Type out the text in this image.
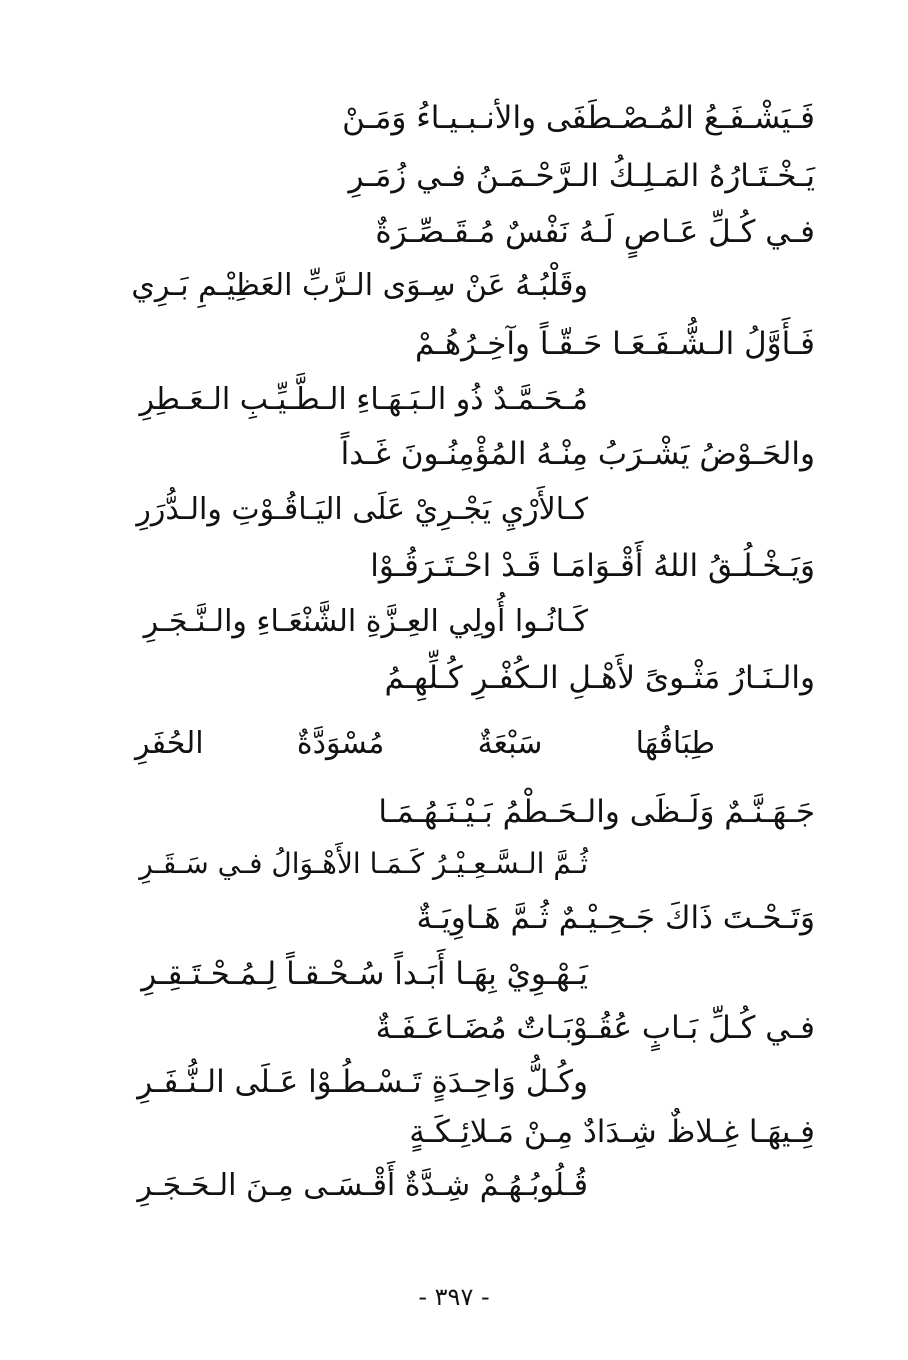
فَـيَشْـفَـعُ المُـصْـطَفَى والأنـبـيـاءُ وَمَـنْ
يَـخْـتَـارُهُ المَـلِـكُ الـرَّحْـمَـنُ فـي زُمَـرِ
فـي كُـلِّ عَـاصٍ لَـهُ نَفْسٌ مُـقَـصِّـرَةٌ
وقَلْبُـهُ عَنْ سِـوَى الـرَّبِّ العَظِيْـمِ بَـرِي
فَـأَوَّلُ الـشُّـفَـعَـا حَـقّـاً وآخِـرُهُـمْ
مُـحَـمَّـدٌ ذُو الـبَـهَـاءِ الـطَّـيِّـبِ الـعَـطِرِ
والحَـوْضُ يَشْـرَبُ مِنْـهُ المُؤْمِنُـونَ غَـداً
كـالأَرْيِ يَجْـرِيْ عَلَى اليَـاقُـوْتِ والـدُّرَرِ
وَيَـخْـلُـقُ اللهُ أَقْـوَامَـا قَـدْ احْـتَـرَقُـوْا
كَـانُـوا أُولِي العِـزَّةِ الشَّنْعَـاءِ والـنَّـجَـرِ
والـنَـارُ مَثْـوىً لأَهْـلِ الـكُفْـرِ كُـلِّهِـمُ
طِبَاقُهَا
سَبْعَةٌ
مُسْوَدَّةٌ
الحُفَرِ
جَـهَـنَّـمٌ وَلَـظَى والـحَـطْمُ بَـيْـنَـهُـمَـا
ثُـمَّ الـسَّـعِـيْـرُ كَـمَـا الأَهْـوَالُ فـي سَـقَـرِ
وَتَـحْـتَ ذَاكَ جَـحِـيْـمٌ ثُـمَّ هَـاوِيَـةٌ
يَـهْـوِيْ بِهَـا أَبَـداً سُـحْـقـاً لِـمُـحْـتَـقِـرِ
فـي كُـلِّ بَـابٍ عُقُـوْبَـاتٌ مُضَـاعَـفَـةٌ
وكُـلُّ وَاحِـدَةٍ تَـسْـطُـوْا عَـلَى الـنُّـفَـرِ
فِـيهَـا غِـلاظٌ شِـدَادٌ مِـنْ مَـلائِـكَـةٍ
قُـلُوبُـهُـمْ شِـدَّةٌ أَقْـسَـى مِـنَ الـحَـجَـرِ
- ٣٩٧ -
